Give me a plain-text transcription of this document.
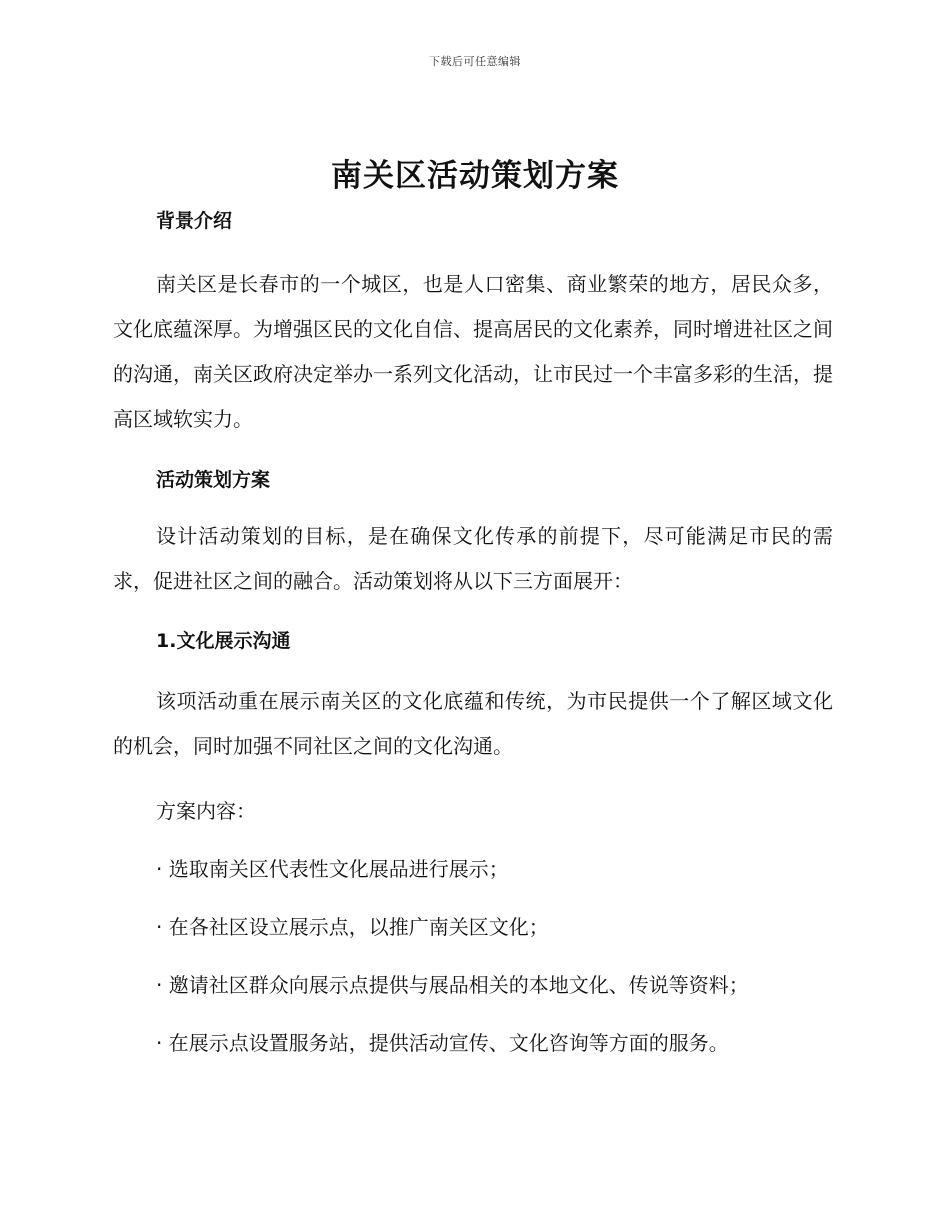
下载后可任意编辑
南关区活动策划方案
背景介绍

南关区是长春市的一个城区，也是人口密集、商业繁荣的地方，居民众多，文化底蕴深厚。为增强区民的文化自信、提高居民的文化素养，同时增进社区之间的沟通，南关区政府决定举办一系列文化活动，让市民过一个丰富多彩的生活，提高区域软实力。

活动策划方案

设计活动策划的目标，是在确保文化传承的前提下，尽可能满足市民的需求，促进社区之间的融合。活动策划将从以下三方面展开：

1.文化展示沟通

该项活动重在展示南关区的文化底蕴和传统，为市民提供一个了解区域文化的机会，同时加强不同社区之间的文化沟通。

方案内容：

· 选取南关区代表性文化展品进行展示；

· 在各社区设立展示点，以推广南关区文化；

· 邀请社区群众向展示点提供与展品相关的本地文化、传说等资料；

· 在展示点设置服务站，提供活动宣传、文化咨询等方面的服务。
